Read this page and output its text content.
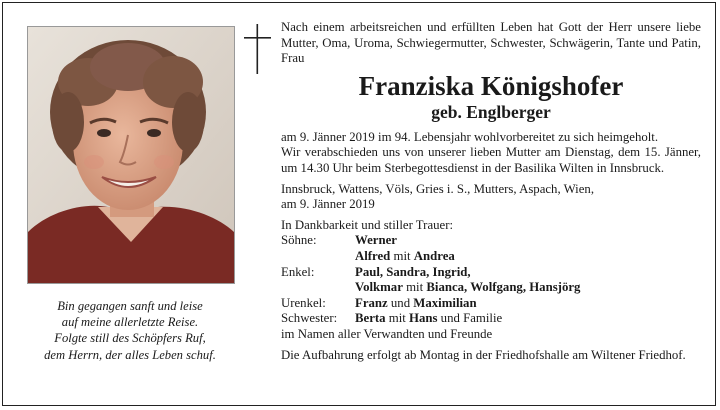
Bin gegangen sanft und leise
auf meine allerletzte Reise.
Folgte still des Schöpfers Ruf,
dem Herrn, der alles Leben schuf.
Nach einem arbeitsreichen und erfüllten Leben hat Gott der Herr unsere liebe Mutter, Oma, Uroma, Schwiegermutter, Schwester, Schwägerin, Tante und Patin, Frau
Franziska Königshofer
geb. Englberger
am 9. Jänner 2019 im 94. Lebensjahr wohlvorbereitet zu sich heimgeholt.
Wir verabschieden uns von unserer lieben Mutter am Dienstag, dem 15. Jänner, um 14.30 Uhr beim Sterbegottesdienst in der Basilika Wilten in Innsbruck.
Innsbruck, Wattens, Völs, Gries i. S., Mutters, Aspach, Wien,
am 9. Jänner 2019
In Dankbarkeit und stiller Trauer:
Söhne:	Werner
Alfred mit Andrea
Enkel:	Paul, Sandra, Ingrid,
Volkmar mit Bianca, Wolfgang, Hansjörg
Urenkel:	Franz und Maximilian
Schwester:	Berta mit Hans und Familie
im Namen aller Verwandten und Freunde
Die Aufbahrung erfolgt ab Montag in der Friedhofshalle am Wiltener Friedhof.
